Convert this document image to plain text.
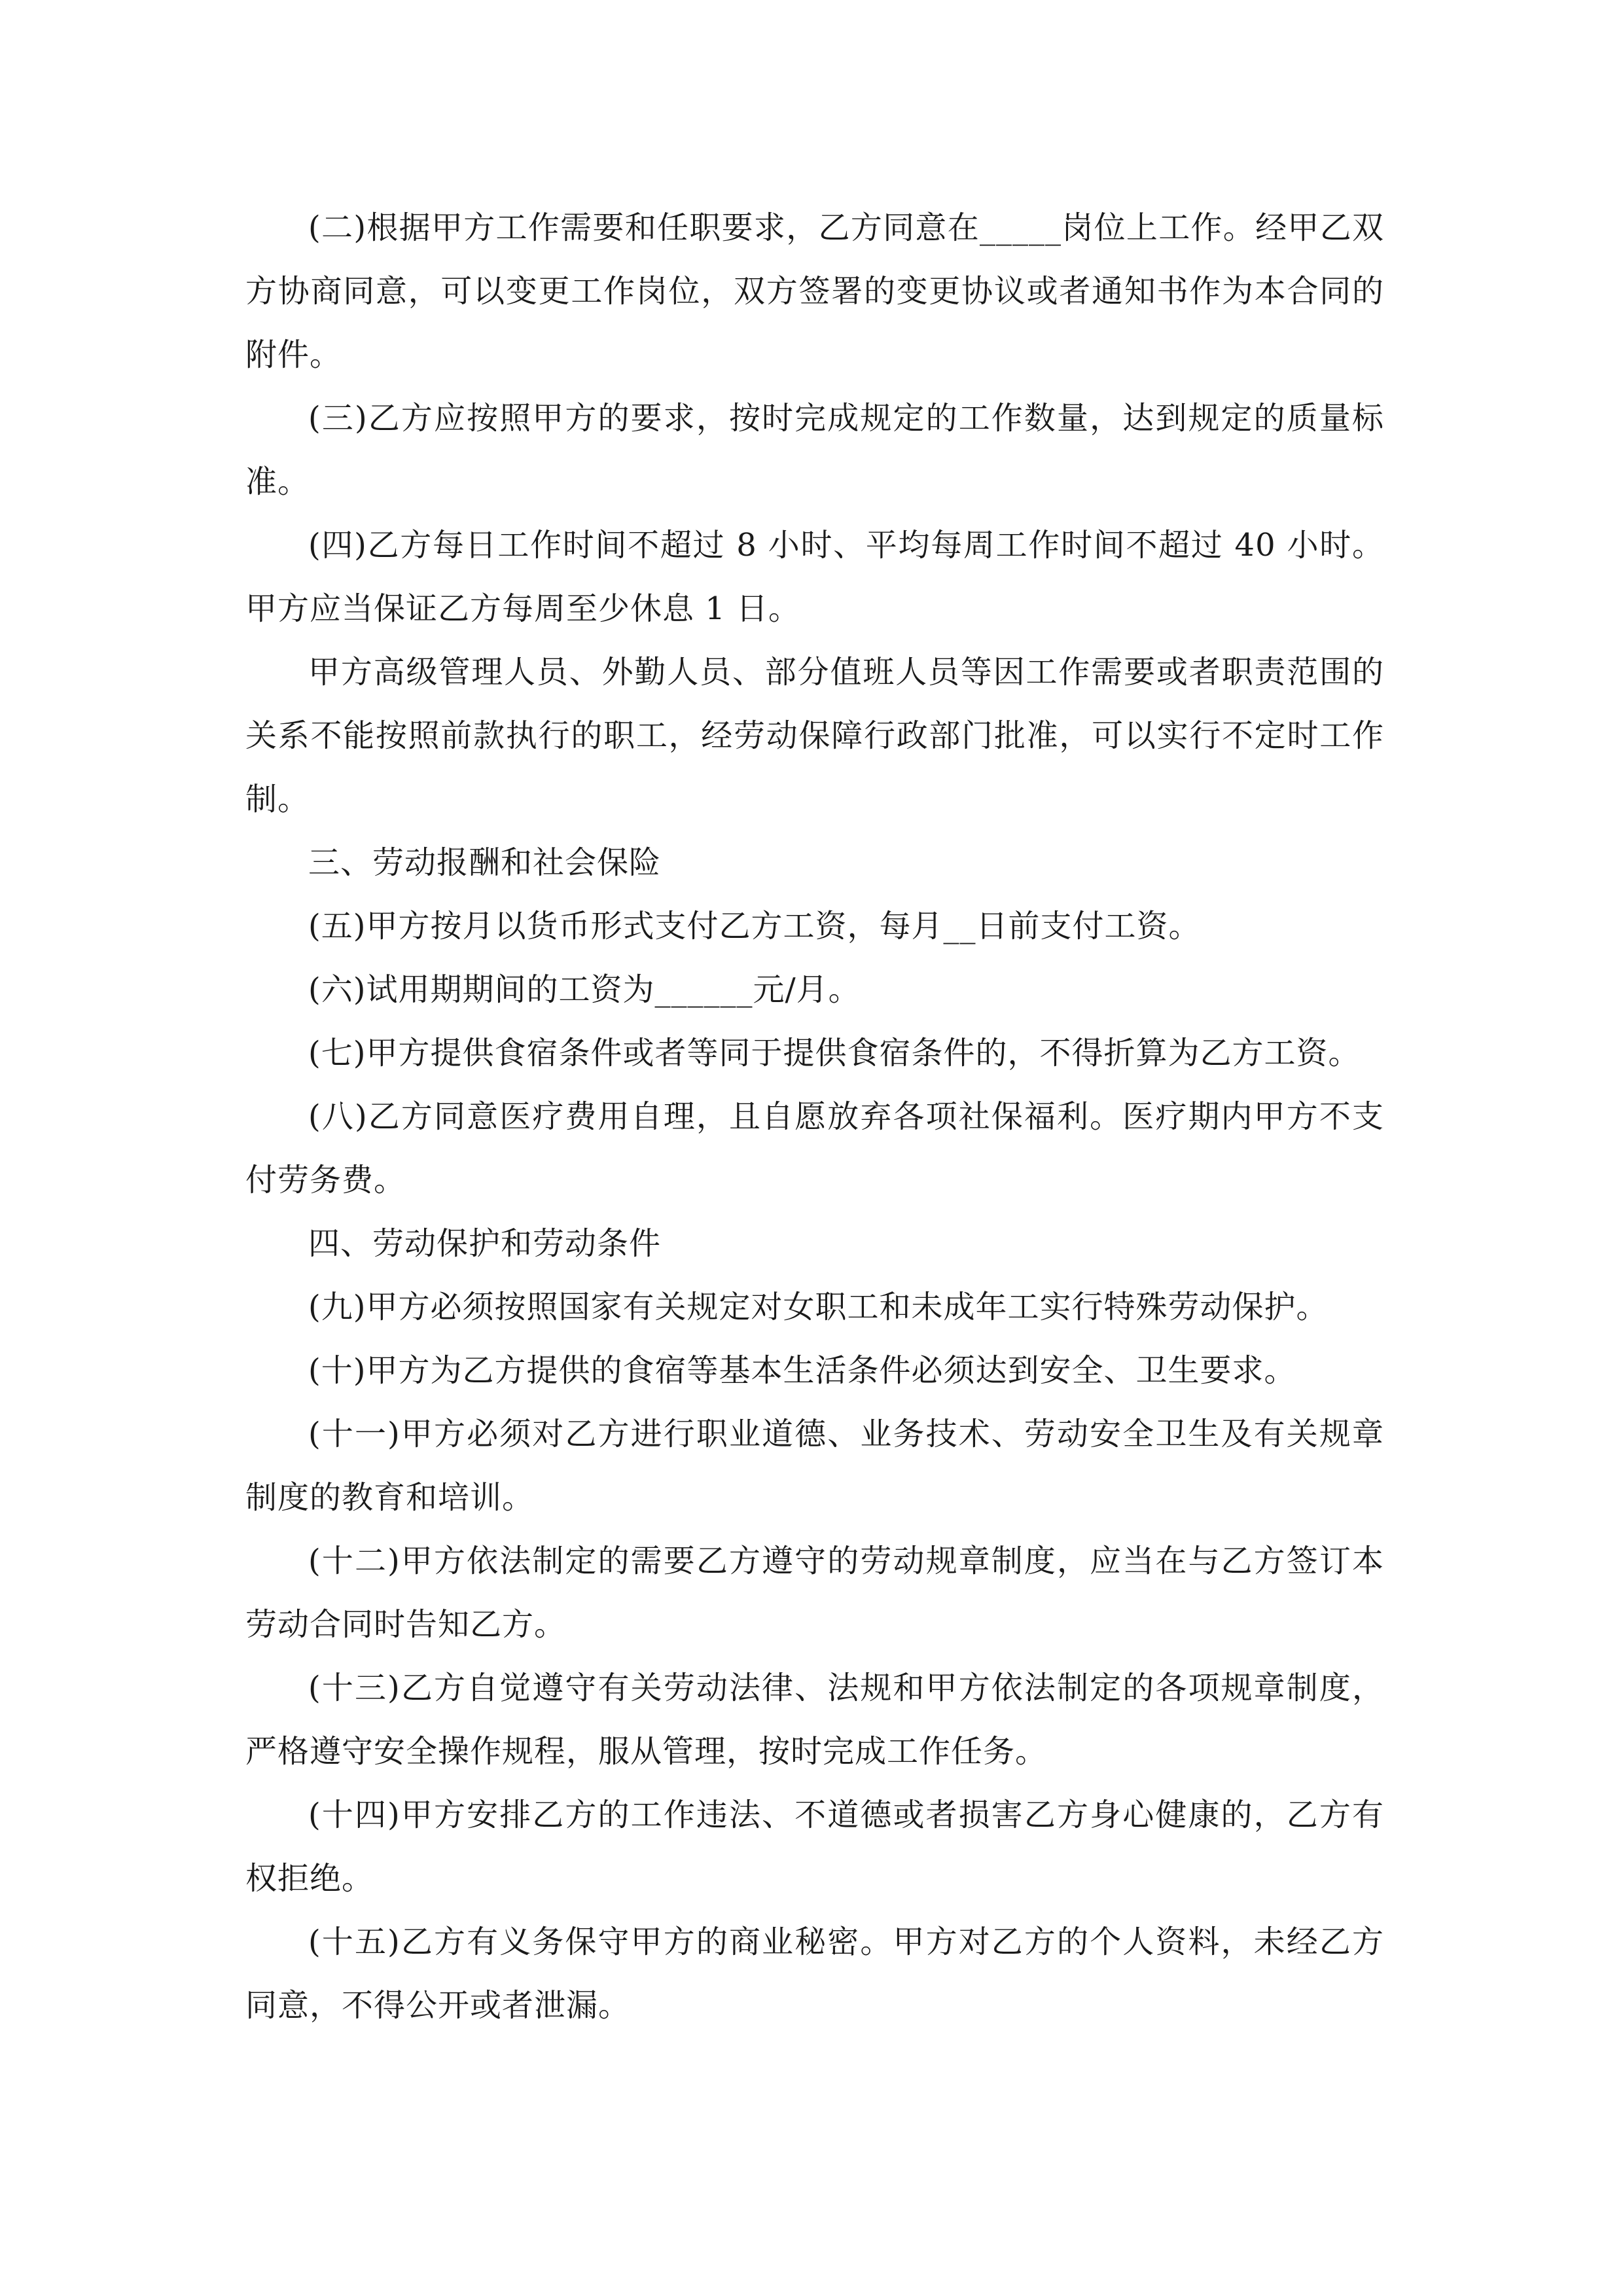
(二)根据甲方工作需要和任职要求，乙方同意在_____岗位上工作。经甲乙双方协商同意，可以变更工作岗位，双方签署的变更协议或者通知书作为本合同的附件。

(三)乙方应按照甲方的要求，按时完成规定的工作数量，达到规定的质量标准。

(四)乙方每日工作时间不超过 8 小时、平均每周工作时间不超过 40 小时。甲方应当保证乙方每周至少休息 1 日。

甲方高级管理人员、外勤人员、部分值班人员等因工作需要或者职责范围的关系不能按照前款执行的职工，经劳动保障行政部门批准，可以实行不定时工作制。

三、劳动报酬和社会保险

(五)甲方按月以货币形式支付乙方工资，每月__日前支付工资。

(六)试用期期间的工资为______元/月。

(七)甲方提供食宿条件或者等同于提供食宿条件的，不得折算为乙方工资。

(八)乙方同意医疗费用自理，且自愿放弃各项社保福利。医疗期内甲方不支付劳务费。

四、劳动保护和劳动条件

(九)甲方必须按照国家有关规定对女职工和未成年工实行特殊劳动保护。

(十)甲方为乙方提供的食宿等基本生活条件必须达到安全、卫生要求。

(十一)甲方必须对乙方进行职业道德、业务技术、劳动安全卫生及有关规章制度的教育和培训。

(十二)甲方依法制定的需要乙方遵守的劳动规章制度，应当在与乙方签订本劳动合同时告知乙方。

(十三)乙方自觉遵守有关劳动法律、法规和甲方依法制定的各项规章制度，严格遵守安全操作规程，服从管理，按时完成工作任务。

(十四)甲方安排乙方的工作违法、不道德或者损害乙方身心健康的，乙方有权拒绝。

(十五)乙方有义务保守甲方的商业秘密。甲方对乙方的个人资料，未经乙方同意，不得公开或者泄漏。
